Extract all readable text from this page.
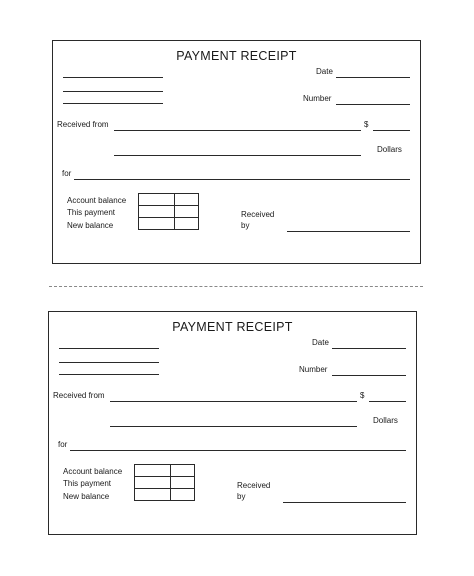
PAYMENT RECEIPT
Date
Number
Received from	$
Dollars
for
Account balance
This payment
New balance

Received
by
PAYMENT RECEIPT
Date
Number
Received from	$
Dollars
for
Account balance
This payment
New balance

Received
by
